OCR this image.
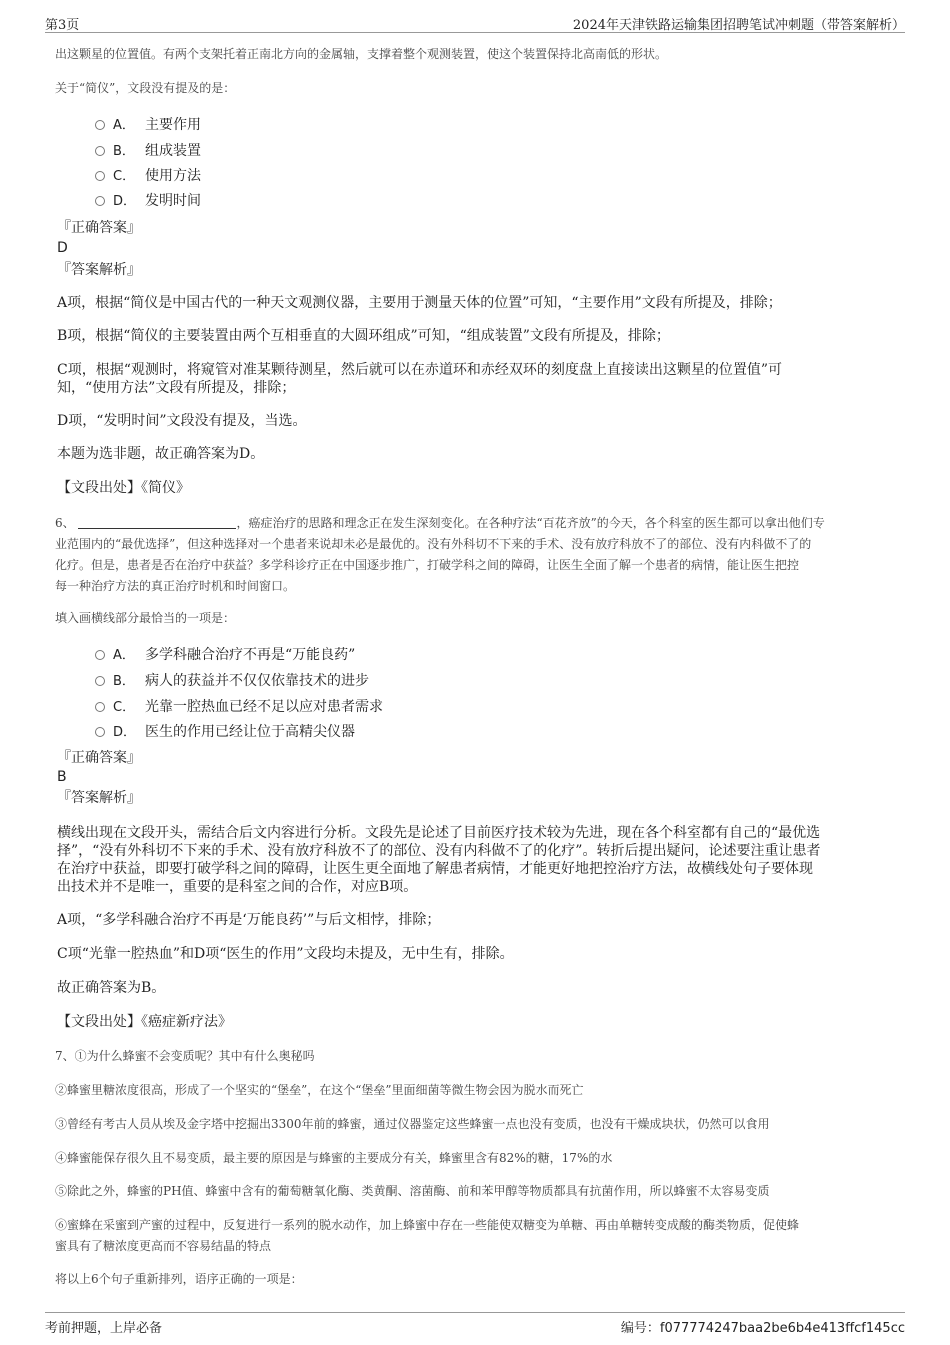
第3页	2024年天津铁路运输集团招聘笔试冲刺题（带答案解析）
出这颗星的位置值。有两个支架托着正南北方向的金属轴，支撑着整个观测装置，使这个装置保持北高南低的形状。
关于“简仪”，文段没有提及的是：
A． 主要作用
B． 组成装置
C． 使用方法
D． 发明时间
『正确答案』
D
『答案解析』
A项，根据“简仪是中国古代的一种天文观测仪器，主要用于测量天体的位置”可知，“主要作用”文段有所提及，排除；
B项，根据“简仪的主要装置由两个互相垂直的大圆环组成”可知，“组成装置”文段有所提及，排除；
C项，根据“观测时，将窥管对准某颗待测星，然后就可以在赤道环和赤经双环的刻度盘上直接读出这颗星的位置值”可
知，“使用方法”文段有所提及，排除；
D项，“发明时间”文段没有提及，当选。
本题为选非题，故正确答案为D。
【文段出处】《简仪》
6、	，癌症治疗的思路和理念正在发生深刻变化。在各种疗法“百花齐放”的今天，各个科室的医生都可以拿出他们专
业范围内的“最优选择”，但这种选择对一个患者来说却未必是最优的。没有外科切不下来的手术、没有放疗科放不了的部位、没有内科做不了的
化疗。但是，患者是否在治疗中获益？多学科诊疗正在中国逐步推广，打破学科之间的障碍，让医生全面了解一个患者的病情，能让医生把控
每一种治疗方法的真正治疗时机和时间窗口。
填入画横线部分最恰当的一项是：
A． 多学科融合治疗不再是“万能良药”
B． 病人的获益并不仅仅依靠技术的进步
C． 光靠一腔热血已经不足以应对患者需求
D． 医生的作用已经让位于高精尖仪器
『正确答案』
B
『答案解析』
横线出现在文段开头，需结合后文内容进行分析。文段先是论述了目前医疗技术较为先进，现在各个科室都有自己的“最优选
择”，“没有外科切不下来的手术、没有放疗科放不了的部位、没有内科做不了的化疗”。转折后提出疑问，论述要注重让患者
在治疗中获益，即要打破学科之间的障碍，让医生更全面地了解患者病情，才能更好地把控治疗方法，故横线处句子要体现
出技术并不是唯一，重要的是科室之间的合作，对应B项。
A项，“多学科融合治疗不再是‘万能良药’”与后文相悖，排除；
C项“光靠一腔热血”和D项“医生的作用”文段均未提及，无中生有，排除。
故正确答案为B。
【文段出处】《癌症新疗法》
7、①为什么蜂蜜不会变质呢？其中有什么奥秘吗
②蜂蜜里糖浓度很高，形成了一个坚实的“堡垒”，在这个“堡垒”里面细菌等微生物会因为脱水而死亡
③曾经有考古人员从埃及金字塔中挖掘出3300年前的蜂蜜，通过仪器鉴定这些蜂蜜一点也没有变质，也没有干燥成块状，仍然可以食用
④蜂蜜能保存很久且不易变质，最主要的原因是与蜂蜜的主要成分有关，蜂蜜里含有82%的糖，17%的水
⑤除此之外，蜂蜜的PH值、蜂蜜中含有的葡萄糖氧化酶、类黄酮、溶菌酶、前和苯甲醇等物质都具有抗菌作用，所以蜂蜜不太容易变质
⑥蜜蜂在采蜜到产蜜的过程中，反复进行一系列的脱水动作，加上蜂蜜中存在一些能使双糖变为单糖、再由单糖转变成酸的酶类物质，促使蜂
蜜具有了糖浓度更高而不容易结晶的特点
将以上6个句子重新排列，语序正确的一项是：
考前押题，上岸必备	编号：f077774247baa2be6b4e413ffcf145cc
